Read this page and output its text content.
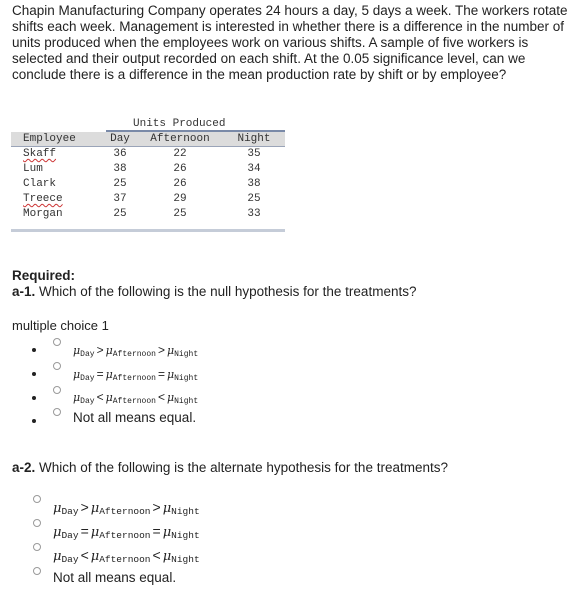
Chapin Manufacturing Company operates 24 hours a day, 5 days a week. The workers rotate shifts each week. Management is interested in whether there is a difference in the number of units produced when the employees work on various shifts. A sample of five workers is selected and their output recorded on each shift. At the 0.05 significance level, can we conclude there is a difference in the mean production rate by shift or by employee?
Units Produced
Employee	Day	Afternoon	Night
Skaff	36	22	35
Lum	38	26	34
Clark	25	26	38
Treece	37	29	25
Morgan	25	25	33
Required:
a-1. Which of the following is the null hypothesis for the treatments?
multiple choice 1
μDay > μAfternoon > μNight
μDay = μAfternoon = μNight
μDay < μAfternoon < μNight
Not all means equal.
a-2. Which of the following is the alternate hypothesis for the treatments?
μDay > μAfternoon > μNight
μDay = μAfternoon = μNight
μDay < μAfternoon < μNight
Not all means equal.
